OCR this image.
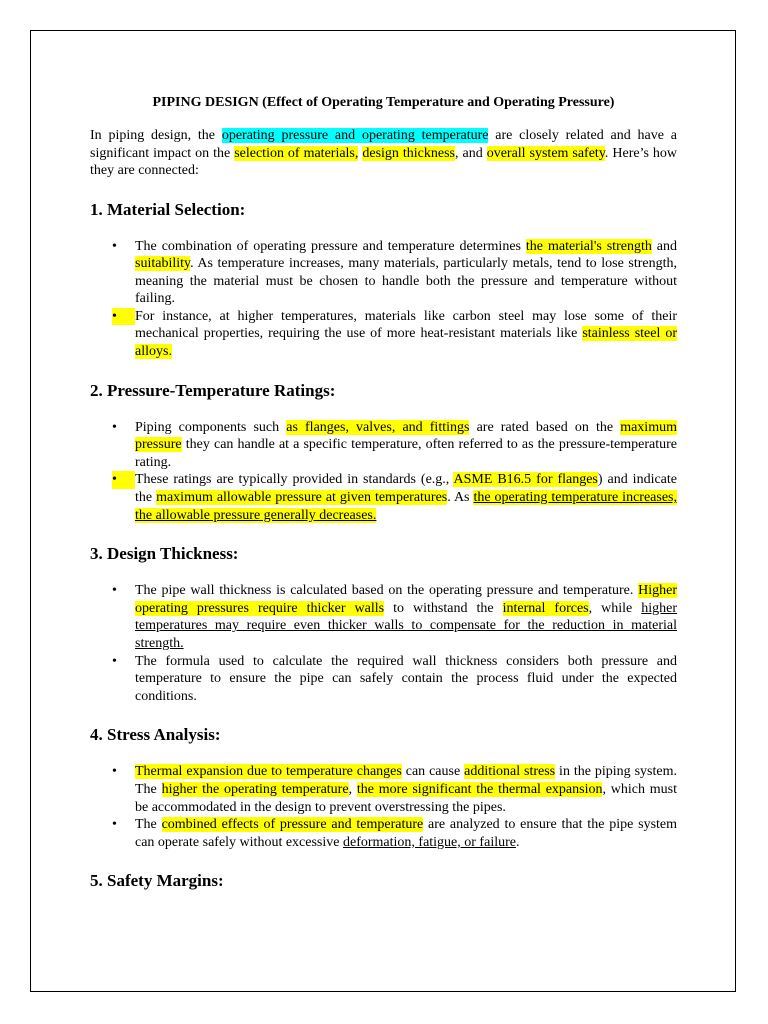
PIPING DESIGN (Effect of Operating Temperature and Operating Pressure)

In piping design, the operating pressure and operating temperature are closely related and have a significant impact on the selection of materials, design thickness, and overall system safety. Here’s how they are connected:

1. Material Selection:
•	The combination of operating pressure and temperature determines the material's strength and suitability. As temperature increases, many materials, particularly metals, tend to lose strength, meaning the material must be chosen to handle both the pressure and temperature without failing.
•	For instance, at higher temperatures, materials like carbon steel may lose some of their mechanical properties, requiring the use of more heat-resistant materials like stainless steel or alloys.
2. Pressure-Temperature Ratings:
•	Piping components such as flanges, valves, and fittings are rated based on the maximum pressure they can handle at a specific temperature, often referred to as the pressure-temperature rating.
•	These ratings are typically provided in standards (e.g., ASME B16.5 for flanges) and indicate the maximum allowable pressure at given temperatures. As the operating temperature increases, the allowable pressure generally decreases.
3. Design Thickness:
•	The pipe wall thickness is calculated based on the operating pressure and temperature. Higher operating pressures require thicker walls to withstand the internal forces, while higher temperatures may require even thicker walls to compensate for the reduction in material strength.
•	The formula used to calculate the required wall thickness considers both pressure and temperature to ensure the pipe can safely contain the process fluid under the expected conditions.
4. Stress Analysis:
•	Thermal expansion due to temperature changes can cause additional stress in the piping system. The higher the operating temperature, the more significant the thermal expansion, which must be accommodated in the design to prevent overstressing the pipes.
•	The combined effects of pressure and temperature are analyzed to ensure that the pipe system can operate safely without excessive deformation, fatigue, or failure.
5. Safety Margins:
